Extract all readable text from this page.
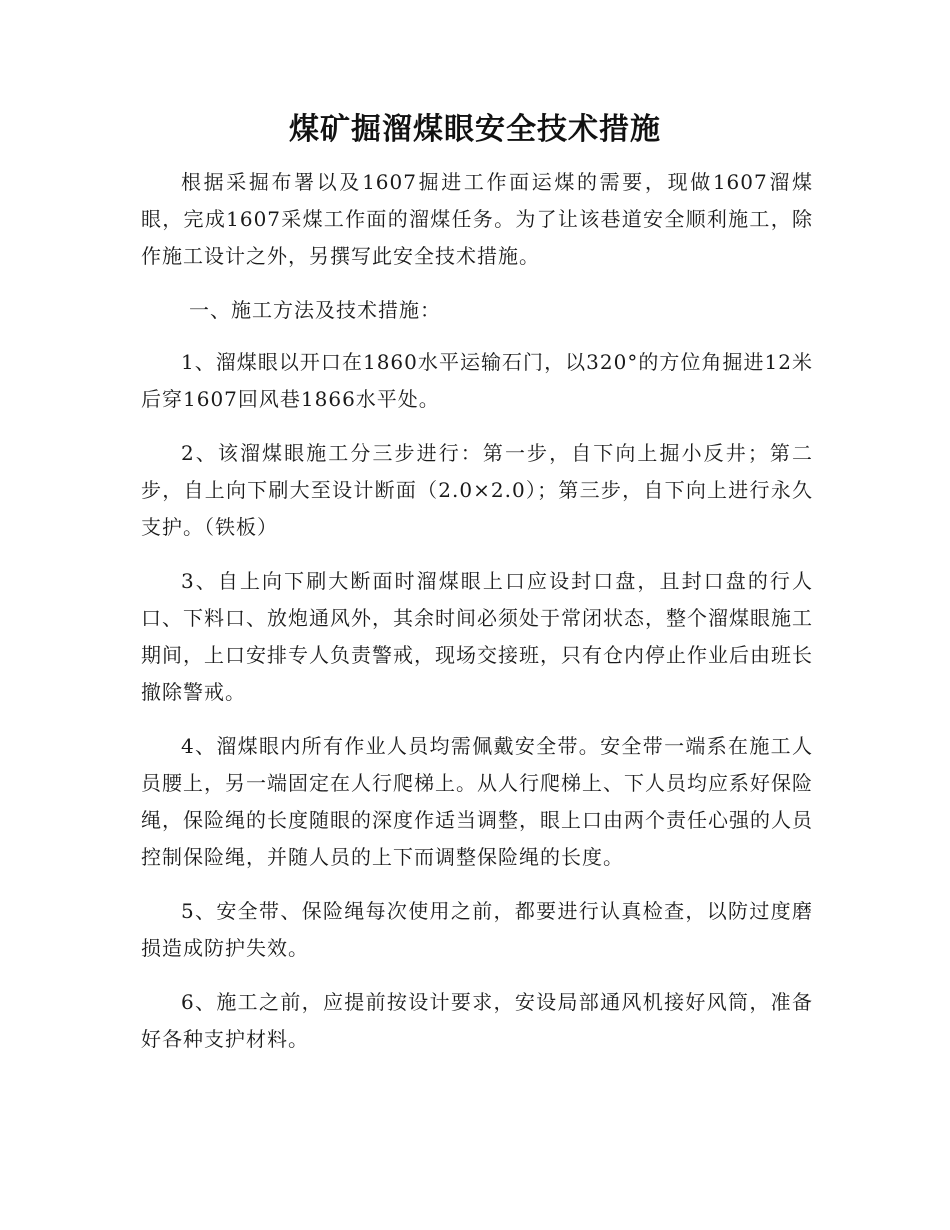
煤矿掘溜煤眼安全技术措施

根据采掘布署以及1607掘进工作面运煤的需要，现做1607溜煤眼，完成1607采煤工作面的溜煤任务。为了让该巷道安全顺利施工，除作施工设计之外，另撰写此安全技术措施。

一、施工方法及技术措施：

1、溜煤眼以开口在1860水平运输石门，以320°的方位角掘进12米后穿1607回风巷1866水平处。

2、该溜煤眼施工分三步进行：第一步，自下向上掘小反井；第二步，自上向下刷大至设计断面（2.0×2.0）；第三步，自下向上进行永久支护。（铁板）

3、自上向下刷大断面时溜煤眼上口应设封口盘，且封口盘的行人口、下料口、放炮通风外，其余时间必须处于常闭状态，整个溜煤眼施工期间，上口安排专人负责警戒，现场交接班，只有仓内停止作业后由班长撤除警戒。

4、溜煤眼内所有作业人员均需佩戴安全带。安全带一端系在施工人员腰上，另一端固定在人行爬梯上。从人行爬梯上、下人员均应系好保险绳，保险绳的长度随眼的深度作适当调整，眼上口由两个责任心强的人员控制保险绳，并随人员的上下而调整保险绳的长度。

5、安全带、保险绳每次使用之前，都要进行认真检查，以防过度磨损造成防护失效。

6、施工之前，应提前按设计要求，安设局部通风机接好风筒，准备好各种支护材料。
